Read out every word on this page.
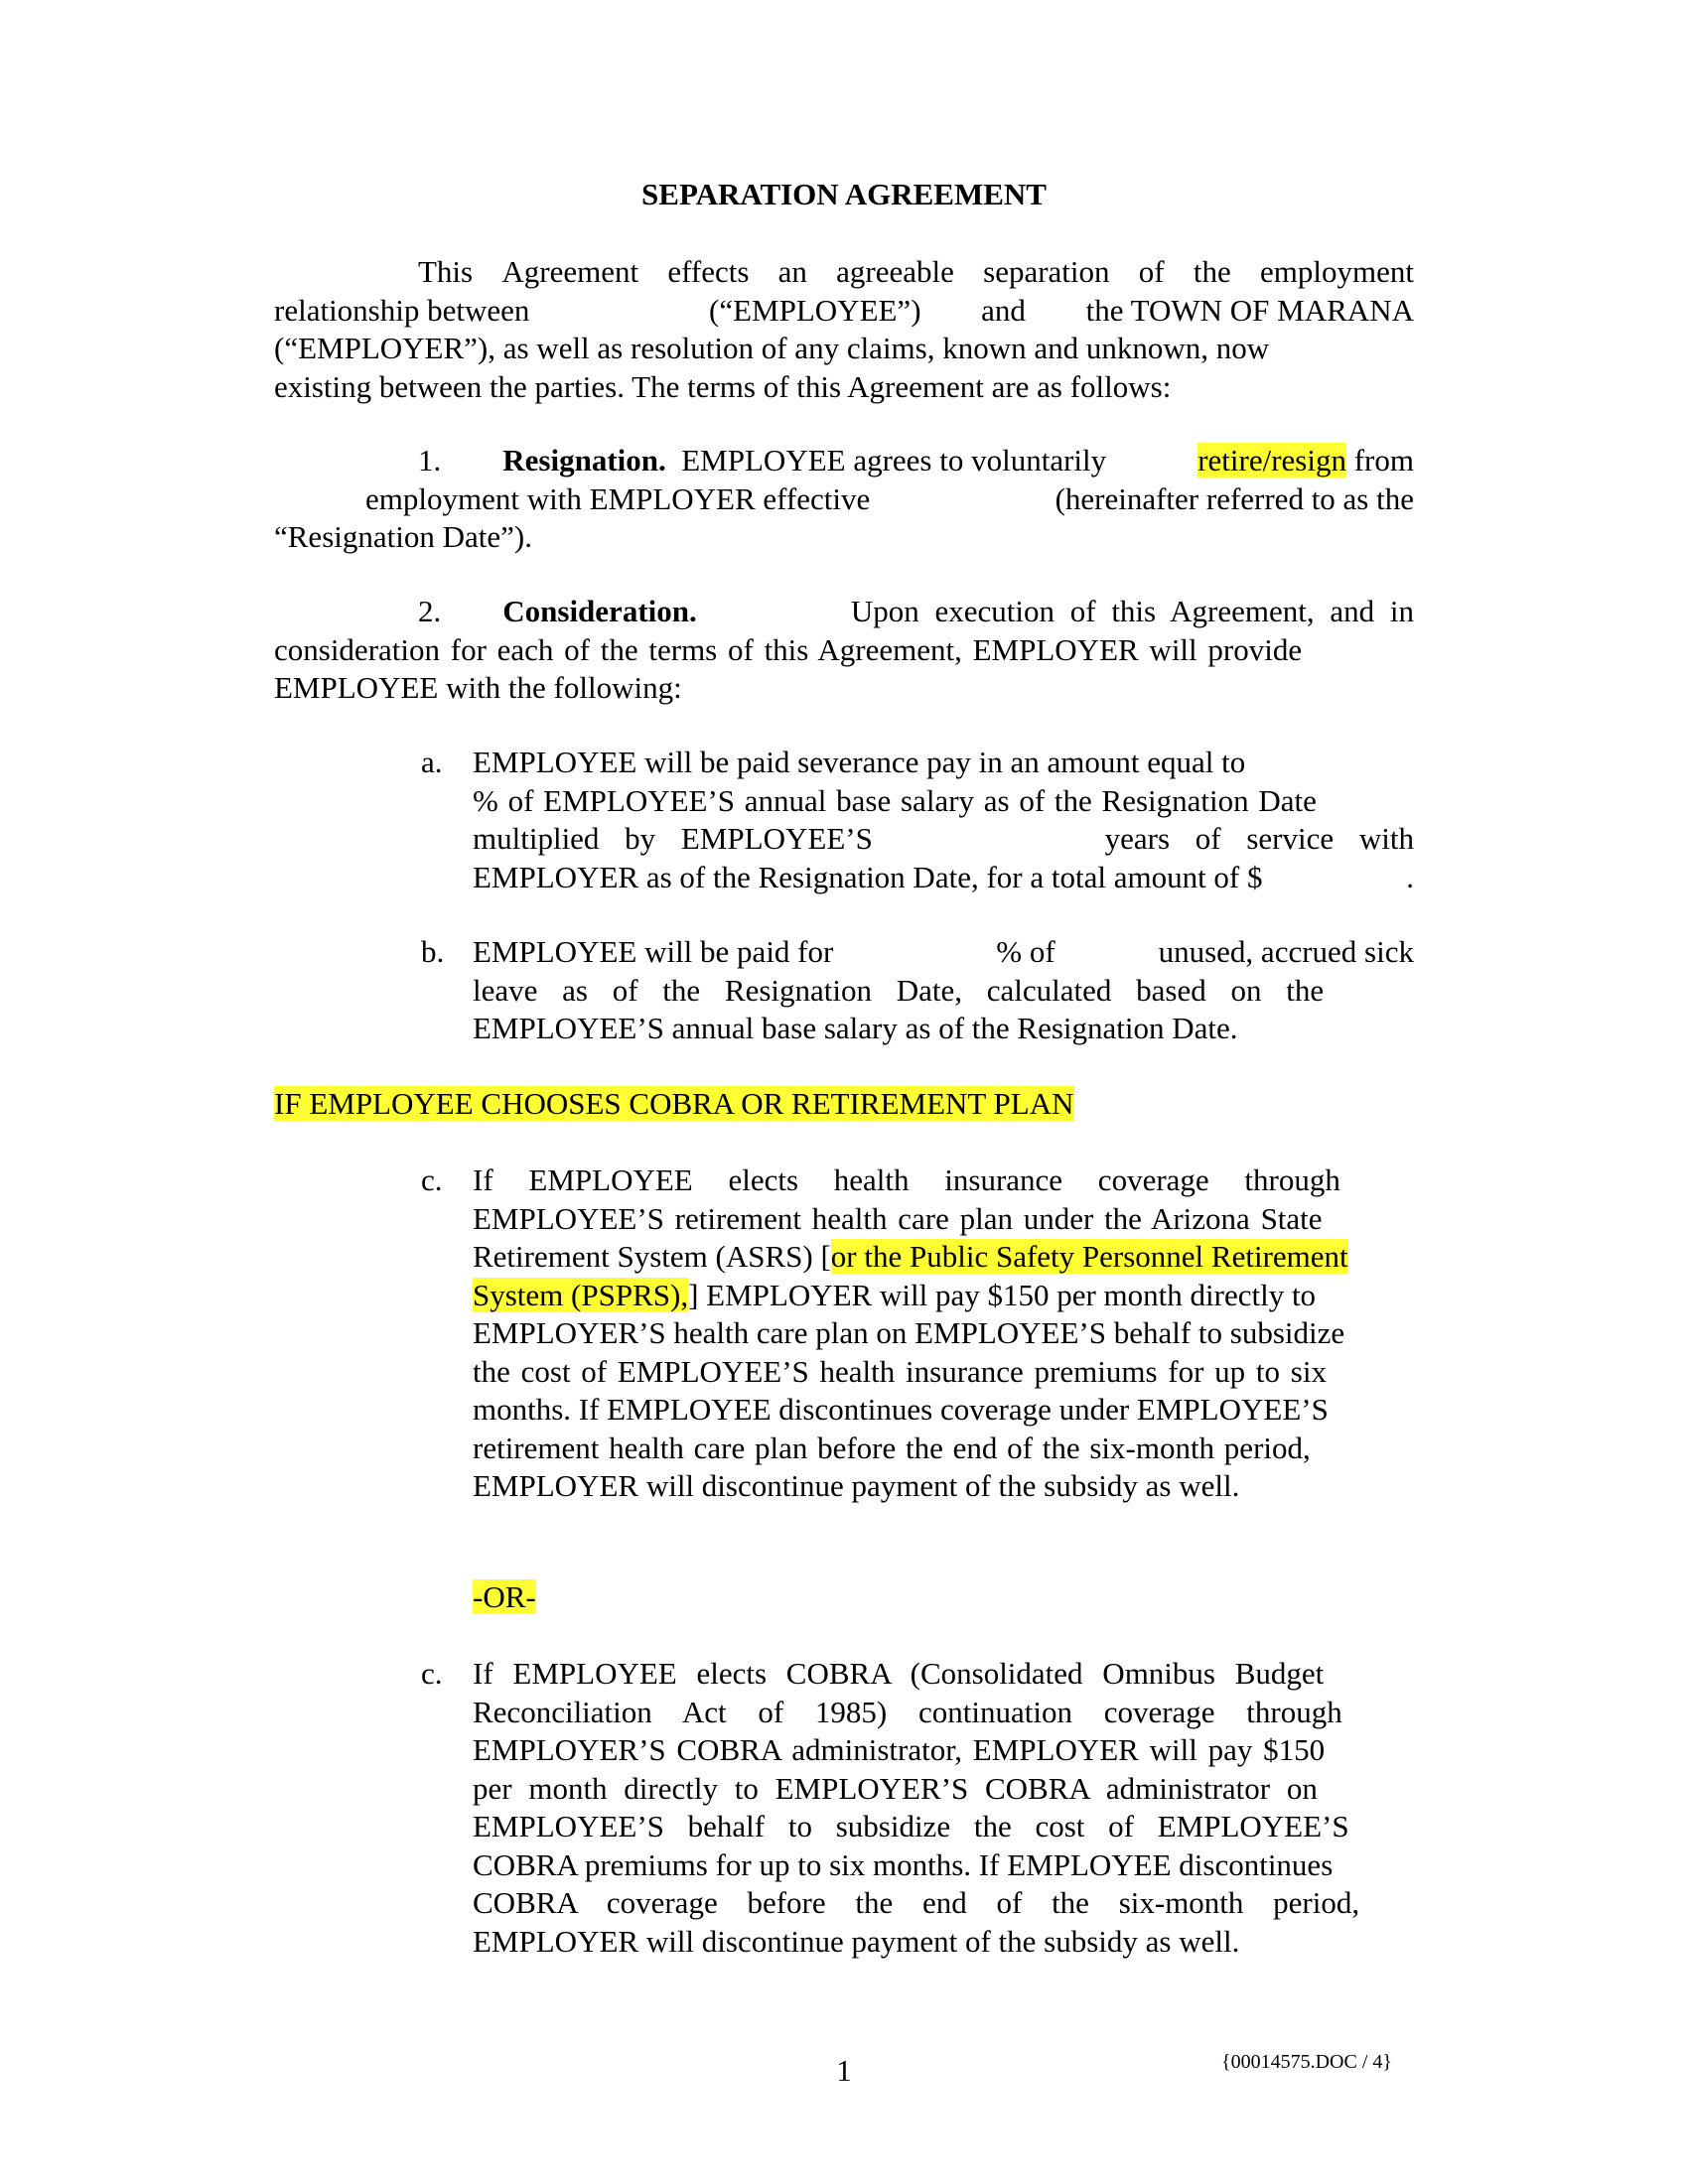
SEPARATION AGREEMENT
This Agreement effects an agreeable separation of the employment
relationship between	(“EMPLOYEE”) and the TOWN OF MARANA
(“EMPLOYER”), as well as resolution of any claims, known and unknown, now
existing between the parties. The terms of this Agreement are as follows:
1. Resignation. EMPLOYEE agrees to voluntarily	retire/resign from
employment with EMPLOYER effective	(hereinafter referred to as the
“Resignation Date”).
2. Consideration.	Upon execution of this Agreement, and in
consideration for each of the terms of this Agreement, EMPLOYER will provide
EMPLOYEE with the following:
a. EMPLOYEE will be paid severance pay in an amount equal to
% of EMPLOYEE’S annual base salary as of the Resignation Date
multiplied by EMPLOYEE’S	years of service with
EMPLOYER as of the Resignation Date, for a total amount of $	.
b. EMPLOYEE will be paid for	% of	unused, accrued sick
leave as of the Resignation Date, calculated based on the
EMPLOYEE’S annual base salary as of the Resignation Date.
IF EMPLOYEE CHOOSES COBRA OR RETIREMENT PLAN
c. If EMPLOYEE elects health insurance coverage through
EMPLOYEE’S retirement health care plan under the Arizona State
Retirement System (ASRS) [or the Public Safety Personnel Retirement
System (PSPRS),] EMPLOYER will pay $150 per month directly to
EMPLOYER’S health care plan on EMPLOYEE’S behalf to subsidize
the cost of EMPLOYEE’S health insurance premiums for up to six
months. If EMPLOYEE discontinues coverage under EMPLOYEE’S
retirement health care plan before the end of the six-month period,
EMPLOYER will discontinue payment of the subsidy as well.
-OR-
c. If EMPLOYEE elects COBRA (Consolidated Omnibus Budget
Reconciliation Act of 1985) continuation coverage through
EMPLOYER’S COBRA administrator, EMPLOYER will pay $150
per month directly to EMPLOYER’S COBRA administrator on
EMPLOYEE’S behalf to subsidize the cost of EMPLOYEE’S
COBRA premiums for up to six months. If EMPLOYEE discontinues
COBRA coverage before the end of the six-month period,
EMPLOYER will discontinue payment of the subsidy as well.
1	{00014575.DOC / 4}
